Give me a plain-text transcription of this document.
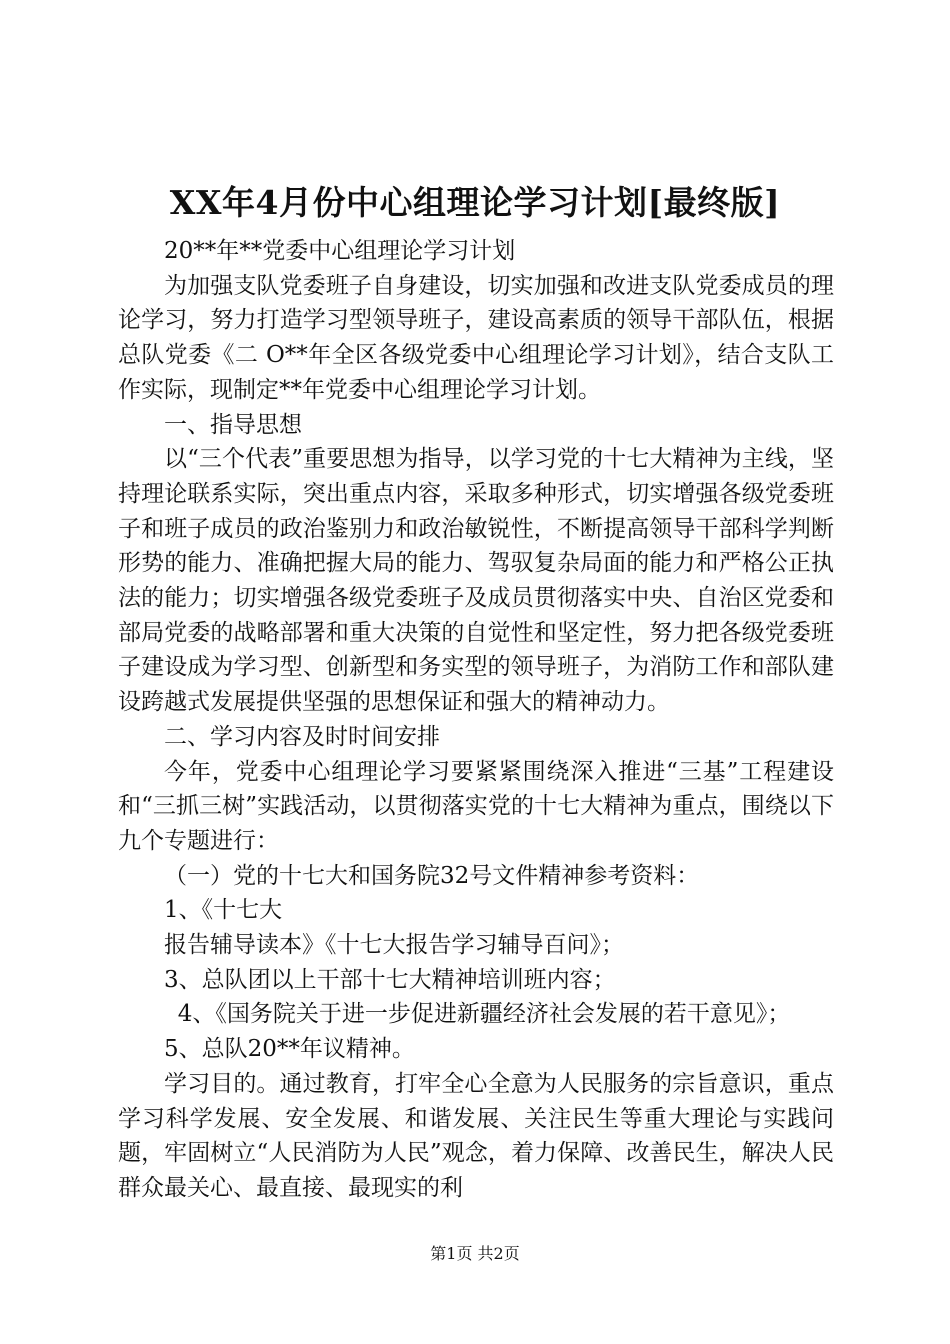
XX年4月份中心组理论学习计划[最终版]

20**年**党委中心组理论学习计划

为加强支队党委班子自身建设，切实加强和改进支队党委成员的理论学习，努力打造学习型领导班子，建设高素质的领导干部队伍，根据总队党委《二 O**年全区各级党委中心组理论学习计划》，结合支队工作实际，现制定**年党委中心组理论学习计划。

一、指导思想

以“三个代表”重要思想为指导，以学习党的十七大精神为主线，坚持理论联系实际，突出重点内容，采取多种形式，切实增强各级党委班子和班子成员的政治鉴别力和政治敏锐性，不断提高领导干部科学判断形势的能力、准确把握大局的能力、驾驭复杂局面的能力和严格公正执法的能力；切实增强各级党委班子及成员贯彻落实中央、自治区党委和部局党委的战略部署和重大决策的自觉性和坚定性，努力把各级党委班子建设成为学习型、创新型和务实型的领导班子，为消防工作和部队建设跨越式发展提供坚强的思想保证和强大的精神动力。

二、学习内容及时时间安排

今年，党委中心组理论学习要紧紧围绕深入推进“三基”工程建设和“三抓三树”实践活动，以贯彻落实党的十七大精神为重点，围绕以下九个专题进行：

（一）党的十七大和国务院32号文件精神参考资料：

1、《十七大

报告辅导读本》《十七大报告学习辅导百问》；

3、总队团以上干部十七大精神培训班内容；

4、《国务院关于进一步促进新疆经济社会发展的若干意见》；

5、总队20**年议精神。

学习目的。通过教育，打牢全心全意为人民服务的宗旨意识，重点学习科学发展、安全发展、和谐发展、关注民生等重大理论与实践问题，牢固树立“人民消防为人民”观念，着力保障、改善民生，解决人民群众最关心、最直接、最现实的利

第1页 共2页
